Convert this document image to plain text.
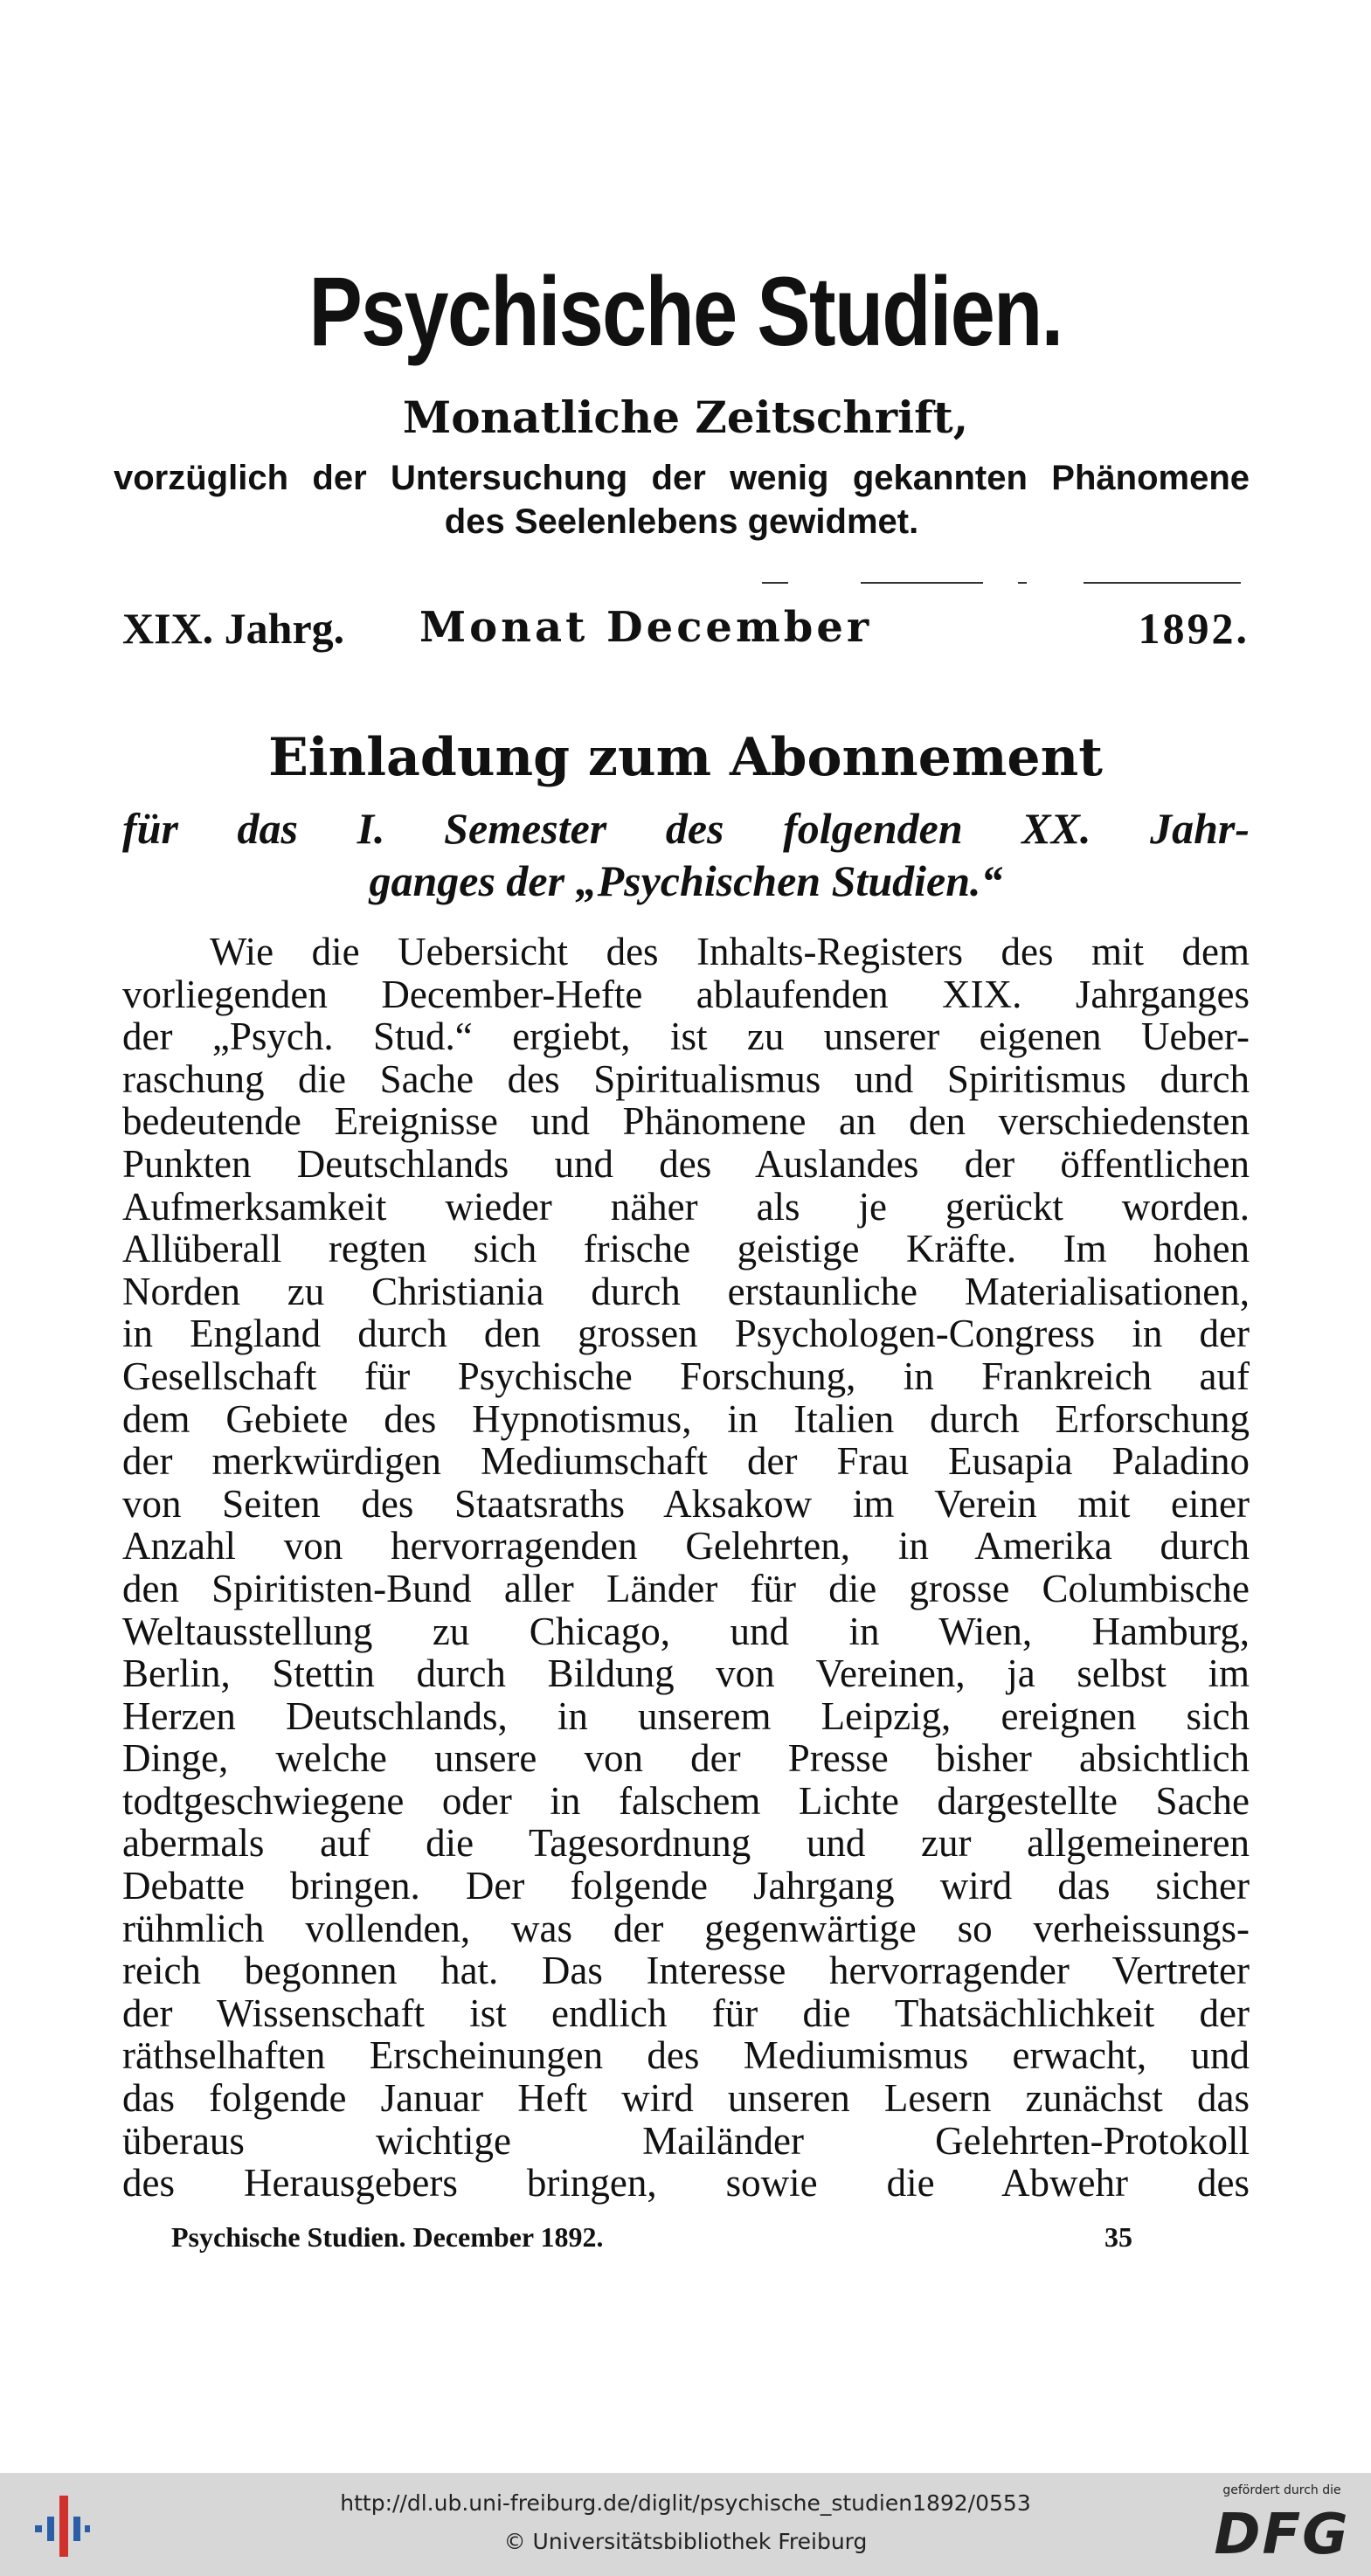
Psychische Studien.
Monatliche Zeitschrift,
vorzüglich der Untersuchung der wenig gekannten Phänomene
des Seelenlebens gewidmet.
XIX. Jahrg. Monat December	1892.
Einladung zum Abonnement
für das I. Semester des folgenden XX. Jahr-
ganges der „Psychischen Studien.“
Wie die Uebersicht des Inhalts-Registers des mit dem
vorliegenden December-Hefte ablaufenden XIX. Jahrganges
der „Psych. Stud.“ ergiebt, ist zu unserer eigenen Ueber-
raschung die Sache des Spiritualismus und Spiritismus durch
bedeutende Ereignisse und Phänomene an den verschiedensten
Punkten Deutschlands und des Auslandes der öffentlichen
Aufmerksamkeit wieder näher als je gerückt worden.
Allüberall regten sich frische geistige Kräfte. Im hohen
Norden zu Christiania durch erstaunliche Materialisationen,
in England durch den grossen Psychologen-Congress in der
Gesellschaft für Psychische Forschung, in Frankreich auf
dem Gebiete des Hypnotismus, in Italien durch Erforschung
der merkwürdigen Mediumschaft der Frau Eusapia Paladino
von Seiten des Staatsraths Aksakow im Verein mit einer
Anzahl von hervorragenden Gelehrten, in Amerika durch
den Spiritisten-Bund aller Länder für die grosse Columbische
Weltausstellung zu Chicago, und in Wien, Hamburg,
Berlin, Stettin durch Bildung von Vereinen, ja selbst im
Herzen Deutschlands, in unserem Leipzig, ereignen sich
Dinge, welche unsere von der Presse bisher absichtlich
todtgeschwiegene oder in falschem Lichte dargestellte Sache
abermals auf die Tagesordnung und zur allgemeineren
Debatte bringen. Der folgende Jahrgang wird das sicher
rühmlich vollenden, was der gegenwärtige so verheissungs-
reich begonnen hat. Das Interesse hervorragender Vertreter
der Wissenschaft ist endlich für die Thatsächlichkeit der
räthselhaften Erscheinungen des Mediumismus erwacht, und
das folgende Januar Heft wird unseren Lesern zunächst das
überaus wichtige Mailänder Gelehrten-Protokoll
des Herausgebers bringen, sowie die Abwehr des
Psychische Studien. December 1892.	35
http://dl.ub.uni-freiburg.de/diglit/psychische_studien1892/0553
© Universitätsbibliothek Freiburg
gefördert durch die
DFG
